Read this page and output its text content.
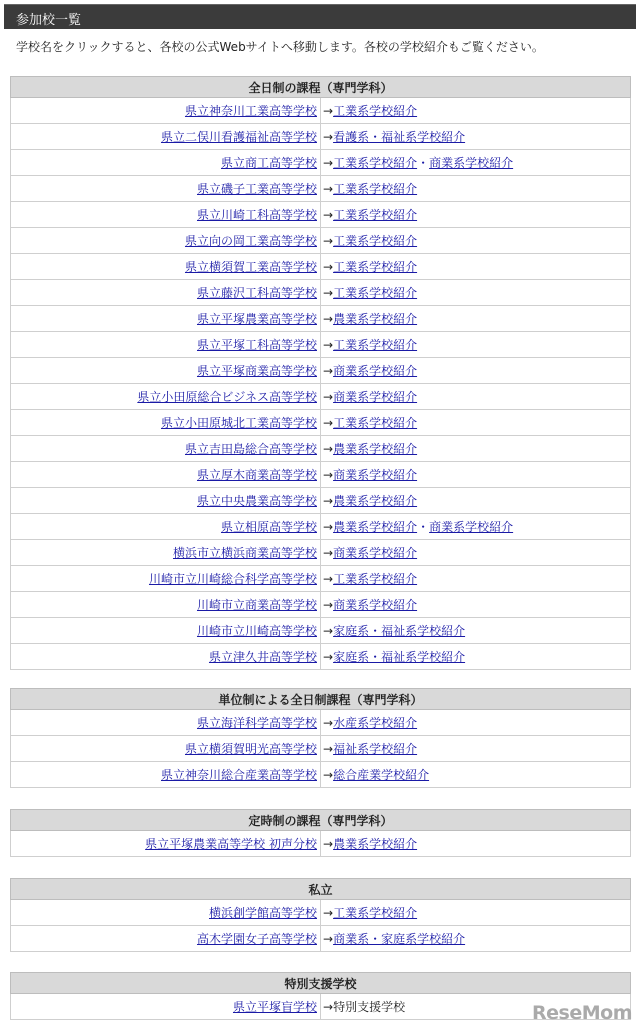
参加校一覧
学校名をクリックすると、各校の公式Webサイトへ移動します。各校の学校紹介もご覧ください。
全日制の課程（専門学科）	
県立神奈川工業高等学校	→工業系学校紹介
県立二俣川看護福祉高等学校	→看護系・福祉系学校紹介
県立商工高等学校	→工業系学校紹介・商業系学校紹介
県立磯子工業高等学校	→工業系学校紹介
県立川崎工科高等学校	→工業系学校紹介
県立向の岡工業高等学校	→工業系学校紹介
県立横須賀工業高等学校	→工業系学校紹介
県立藤沢工科高等学校	→工業系学校紹介
県立平塚農業高等学校	→農業系学校紹介
県立平塚工科高等学校	→工業系学校紹介
県立平塚商業高等学校	→商業系学校紹介
県立小田原総合ビジネス高等学校	→商業系学校紹介
県立小田原城北工業高等学校	→工業系学校紹介
県立吉田島総合高等学校	→農業系学校紹介
県立厚木商業高等学校	→商業系学校紹介
県立中央農業高等学校	→農業系学校紹介
県立相原高等学校	→農業系学校紹介・商業系学校紹介
横浜市立横浜商業高等学校	→商業系学校紹介
川崎市立川崎総合科学高等学校	→工業系学校紹介
川崎市立商業高等学校	→商業系学校紹介
川崎市立川崎高等学校	→家庭系・福祉系学校紹介
県立津久井高等学校	→家庭系・福祉系学校紹介
単位制による全日制課程（専門学科）	
県立海洋科学高等学校	→水産系学校紹介
県立横須賀明光高等学校	→福祉系学校紹介
県立神奈川総合産業高等学校	→総合産業学校紹介
定時制の課程（専門学科）
県立平塚農業高等学校 初声分校	→農業系学校紹介
私立	
横浜創学館高等学校	→工業系学校紹介
高木学園女子高等学校	→商業系・家庭系学校紹介
特別支援学校
県立平塚盲学校	→特別支援学校	ReseMom
